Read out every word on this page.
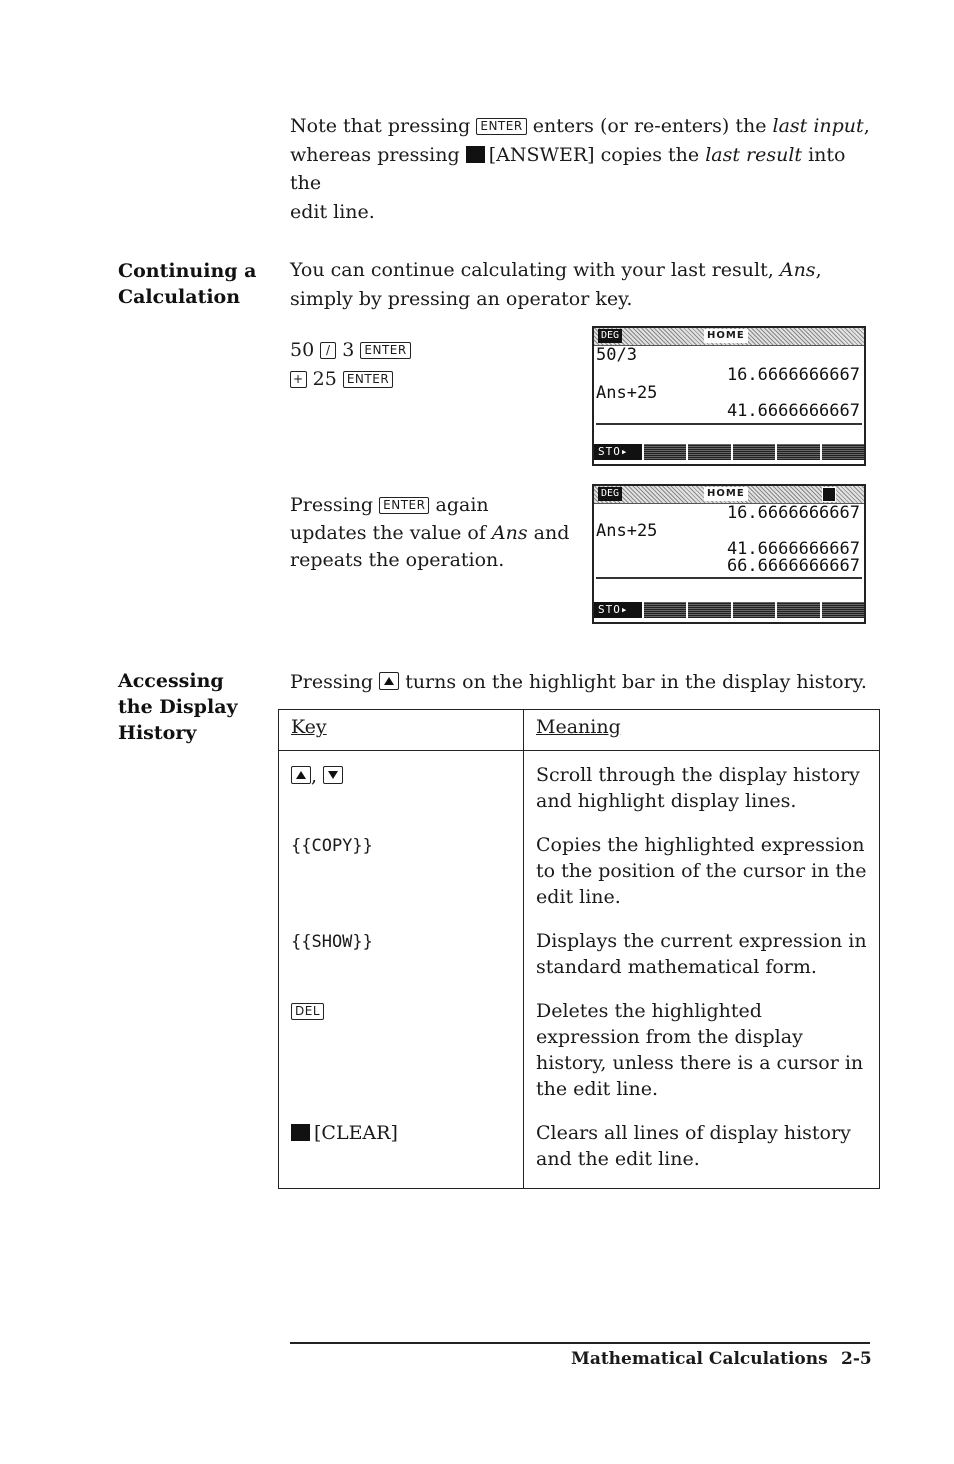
Note that pressing ENTER enters (or re-enters) the last input,
whereas pressing [ANSWER] copies the last result into the
edit line.
Continuing a
Calculation
You can continue calculating with your last result, Ans,
simply by pressing an operator key.
50 / 3 ENTER
+ 25 ENTER
DEG	HOME
50/3
16.6666666667
Ans+25
41.6666666667
STO▸
Pressing ENTER again
updates the value of Ans and
repeats the operation.
DEG	HOME
16.6666666667
Ans+25
41.6666666667
66.6666666667
STO▸
Accessing
the Display
History
Pressing turns on the highlight bar in the display history.
Key	Meaning
,	Scroll through the display history and highlight display lines.
{{COPY}}	Copies the highlighted expression to the position of the cursor in the edit line.
{{SHOW}}	Displays the current expression in standard mathematical form.
DEL	Deletes the highlighted expression from the display history, unless there is a cursor in the edit line.
[CLEAR]	Clears all lines of display history and the edit line.
Mathematical Calculations 2-5
